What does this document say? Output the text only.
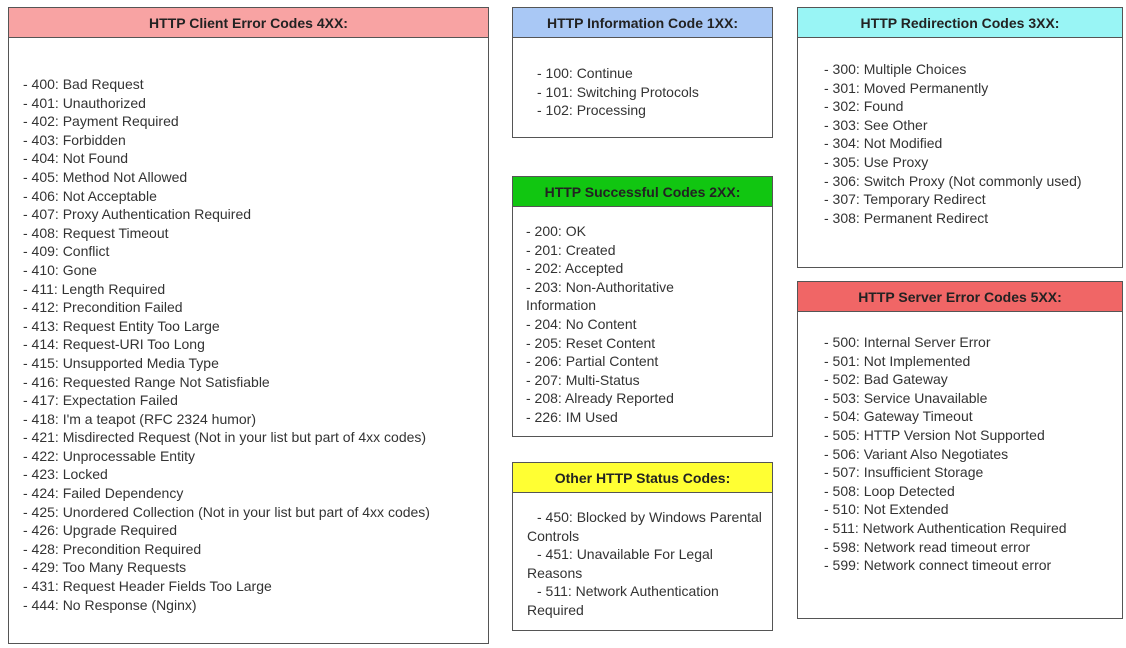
HTTP Client Error Codes 4XX:
- 400: Bad Request
- 401: Unauthorized
- 402: Payment Required
- 403: Forbidden
- 404: Not Found
- 405: Method Not Allowed
- 406: Not Acceptable
- 407: Proxy Authentication Required
- 408: Request Timeout
- 409: Conflict
- 410: Gone
- 411: Length Required
- 412: Precondition Failed
- 413: Request Entity Too Large
- 414: Request-URI Too Long
- 415: Unsupported Media Type
- 416: Requested Range Not Satisfiable
- 417: Expectation Failed
- 418: I'm a teapot (RFC 2324 humor)
- 421: Misdirected Request (Not in your list but part of 4xx codes)
- 422: Unprocessable Entity
- 423: Locked
- 424: Failed Dependency
- 425: Unordered Collection (Not in your list but part of 4xx codes)
- 426: Upgrade Required
- 428: Precondition Required
- 429: Too Many Requests
- 431: Request Header Fields Too Large
- 444: No Response (Nginx)
HTTP Information Code 1XX:
- 100: Continue
- 101: Switching Protocols
- 102: Processing
HTTP Successful Codes 2XX:
- 200: OK
- 201: Created
- 202: Accepted
- 203: Non-Authoritative Information
- 204: No Content
- 205: Reset Content
- 206: Partial Content
- 207: Multi-Status
- 208: Already Reported
- 226: IM Used
Other HTTP Status Codes:
- 450: Blocked by Windows Parental Controls
- 451: Unavailable For Legal Reasons
- 511: Network Authentication Required
HTTP Redirection Codes 3XX:
- 300: Multiple Choices
- 301: Moved Permanently
- 302: Found
- 303: See Other
- 304: Not Modified
- 305: Use Proxy
- 306: Switch Proxy (Not commonly used)
- 307: Temporary Redirect
- 308: Permanent Redirect
HTTP Server Error Codes 5XX:
- 500: Internal Server Error
- 501: Not Implemented
- 502: Bad Gateway
- 503: Service Unavailable
- 504: Gateway Timeout
- 505: HTTP Version Not Supported
- 506: Variant Also Negotiates
- 507: Insufficient Storage
- 508: Loop Detected
- 510: Not Extended
- 511: Network Authentication Required
- 598: Network read timeout error
- 599: Network connect timeout error
